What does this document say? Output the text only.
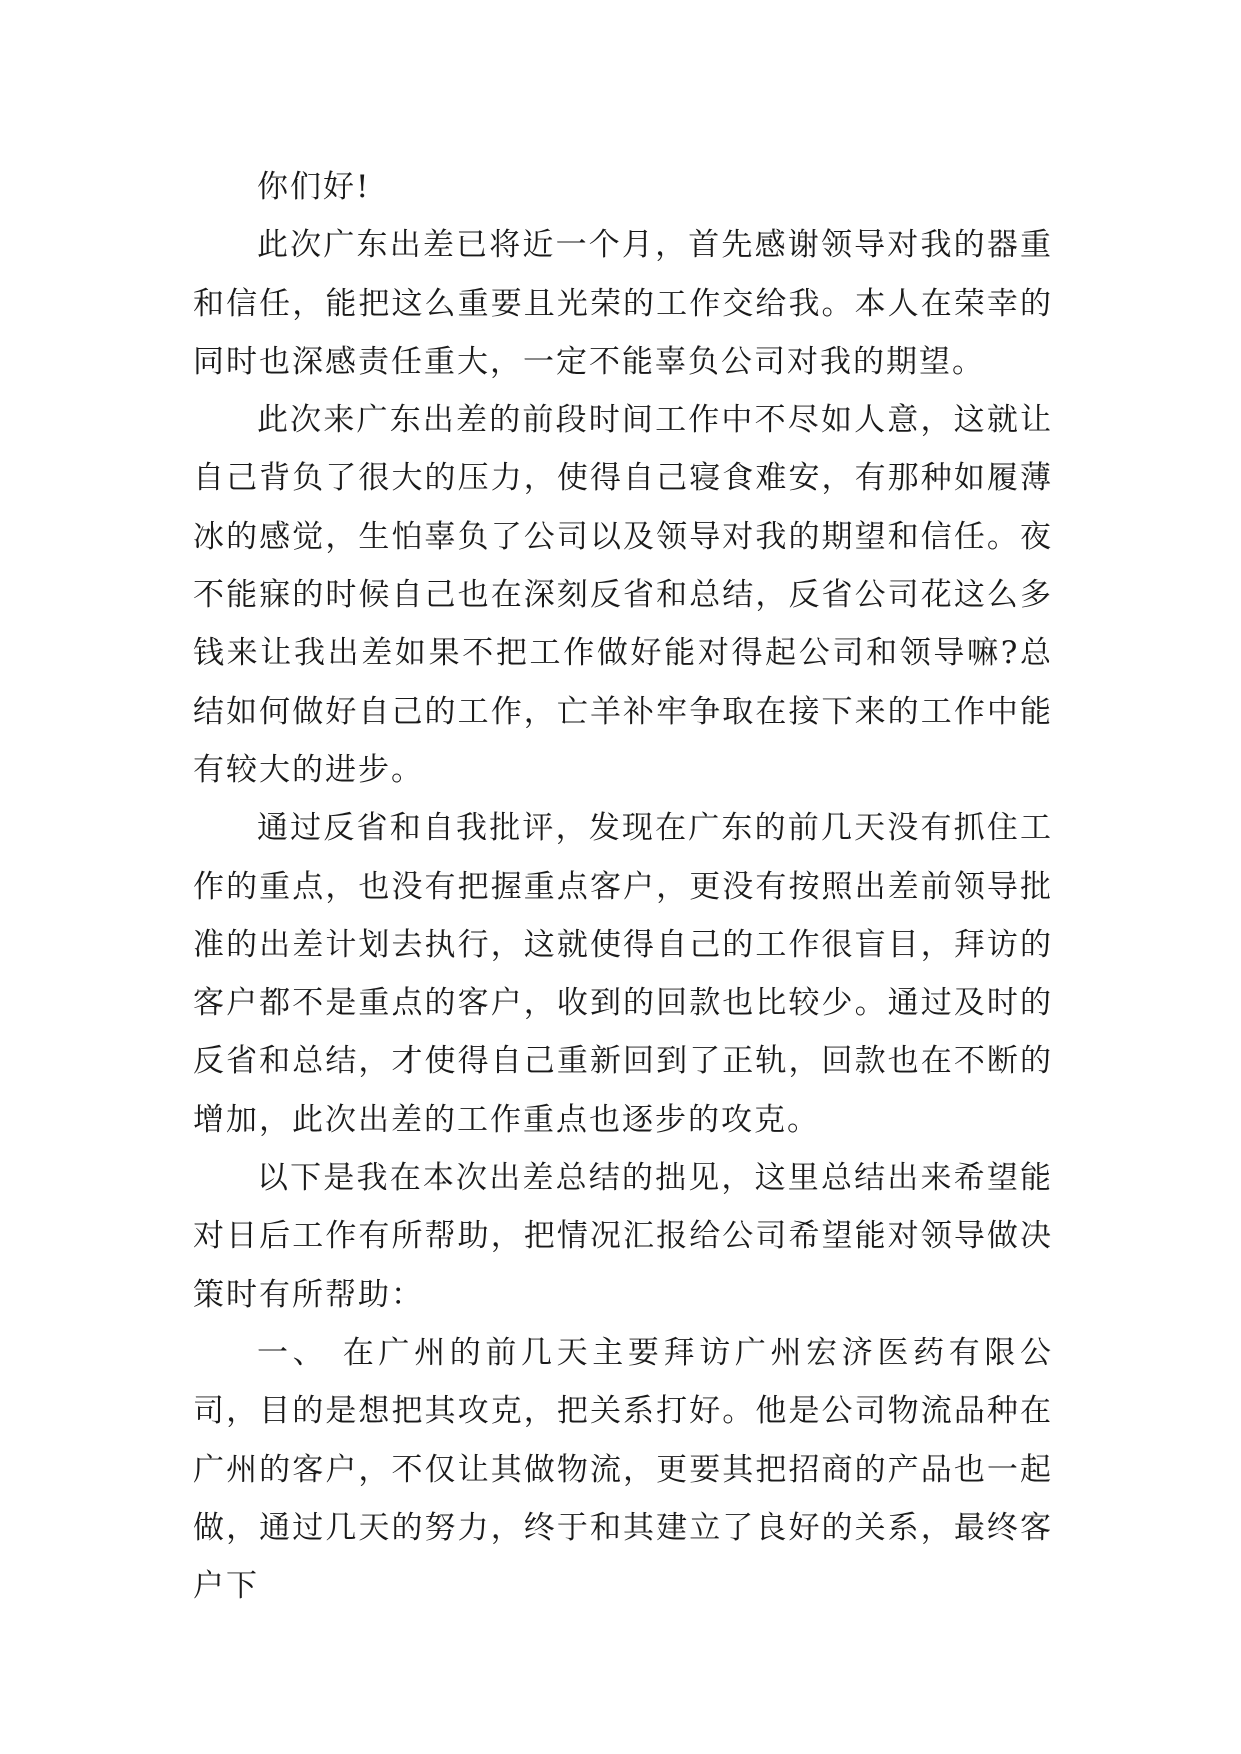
你们好!

此次广东出差已将近一个月，首先感谢领导对我的器重和信任，能把这么重要且光荣的工作交给我。本人在荣幸的同时也深感责任重大，一定不能辜负公司对我的期望。

此次来广东出差的前段时间工作中不尽如人意，这就让自己背负了很大的压力，使得自己寝食难安，有那种如履薄冰的感觉，生怕辜负了公司以及领导对我的期望和信任。夜不能寐的时候自己也在深刻反省和总结，反省公司花这么多钱来让我出差如果不把工作做好能对得起公司和领导嘛?总结如何做好自己的工作，亡羊补牢争取在接下来的工作中能有较大的进步。

通过反省和自我批评，发现在广东的前几天没有抓住工作的重点，也没有把握重点客户，更没有按照出差前领导批准的出差计划去执行，这就使得自己的工作很盲目，拜访的客户都不是重点的客户，收到的回款也比较少。通过及时的反省和总结，才使得自己重新回到了正轨，回款也在不断的增加，此次出差的工作重点也逐步的攻克。

以下是我在本次出差总结的拙见，这里总结出来希望能对日后工作有所帮助，把情况汇报给公司希望能对领导做决策时有所帮助：

一、 在广州的前几天主要拜访广州宏济医药有限公司，目的是想把其攻克，把关系打好。他是公司物流品种在广州的客户，不仅让其做物流，更要其把招商的产品也一起做，通过几天的努力，终于和其建立了良好的关系，最终客户下
